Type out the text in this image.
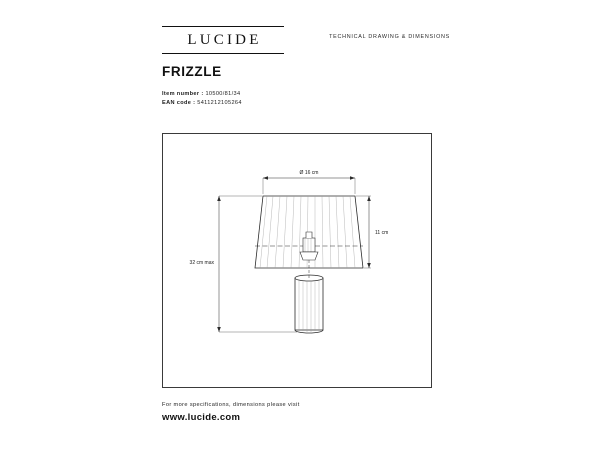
LUCIDE	TECHNICAL DRAWING & DIMENSIONS
FRIZZLE
Item number : 10500/81/34
EAN code : 5411212105264
Ø 16 cm
11 cm
32 cm max
For more specifications, dimensions please visit
www.lucide.com
